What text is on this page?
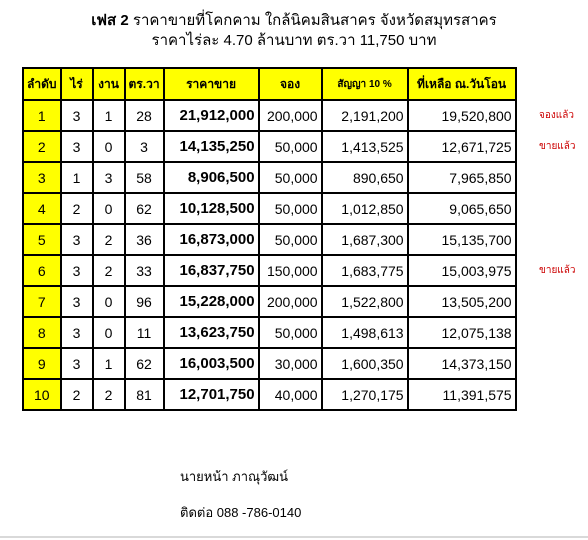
เฟส 2 ราคาขายที่โคกคาม ใกล้นิคมสินสาคร จังหวัดสมุทรสาคร
ราคาไร่ละ 4.70 ล้านบาท ตร.วา 11,750 บาท
ลำดับ	ไร่	งาน	ตร.วา	ราคาขาย	จอง	สัญญา 10 %	ที่เหลือ ณ.วันโอน
1	3	1	28	21,912,000	200,000	2,191,200	19,520,800
2	3	0	3	14,135,250	50,000	1,413,525	12,671,725
3	1	3	58	8,906,500	50,000	890,650	7,965,850
4	2	0	62	10,128,500	50,000	1,012,850	9,065,650
5	3	2	36	16,873,000	50,000	1,687,300	15,135,700
6	3	2	33	16,837,750	150,000	1,683,775	15,003,975
7	3	0	96	15,228,000	200,000	1,522,800	13,505,200
8	3	0	11	13,623,750	50,000	1,498,613	12,075,138
9	3	1	62	16,003,500	30,000	1,600,350	14,373,150
10	2	2	81	12,701,750	40,000	1,270,175	11,391,575
จองแล้ว
ขายแล้ว
ขายแล้ว
นายหน้า ภาณุวัฒน์
ติดต่อ 088 -786-0140
